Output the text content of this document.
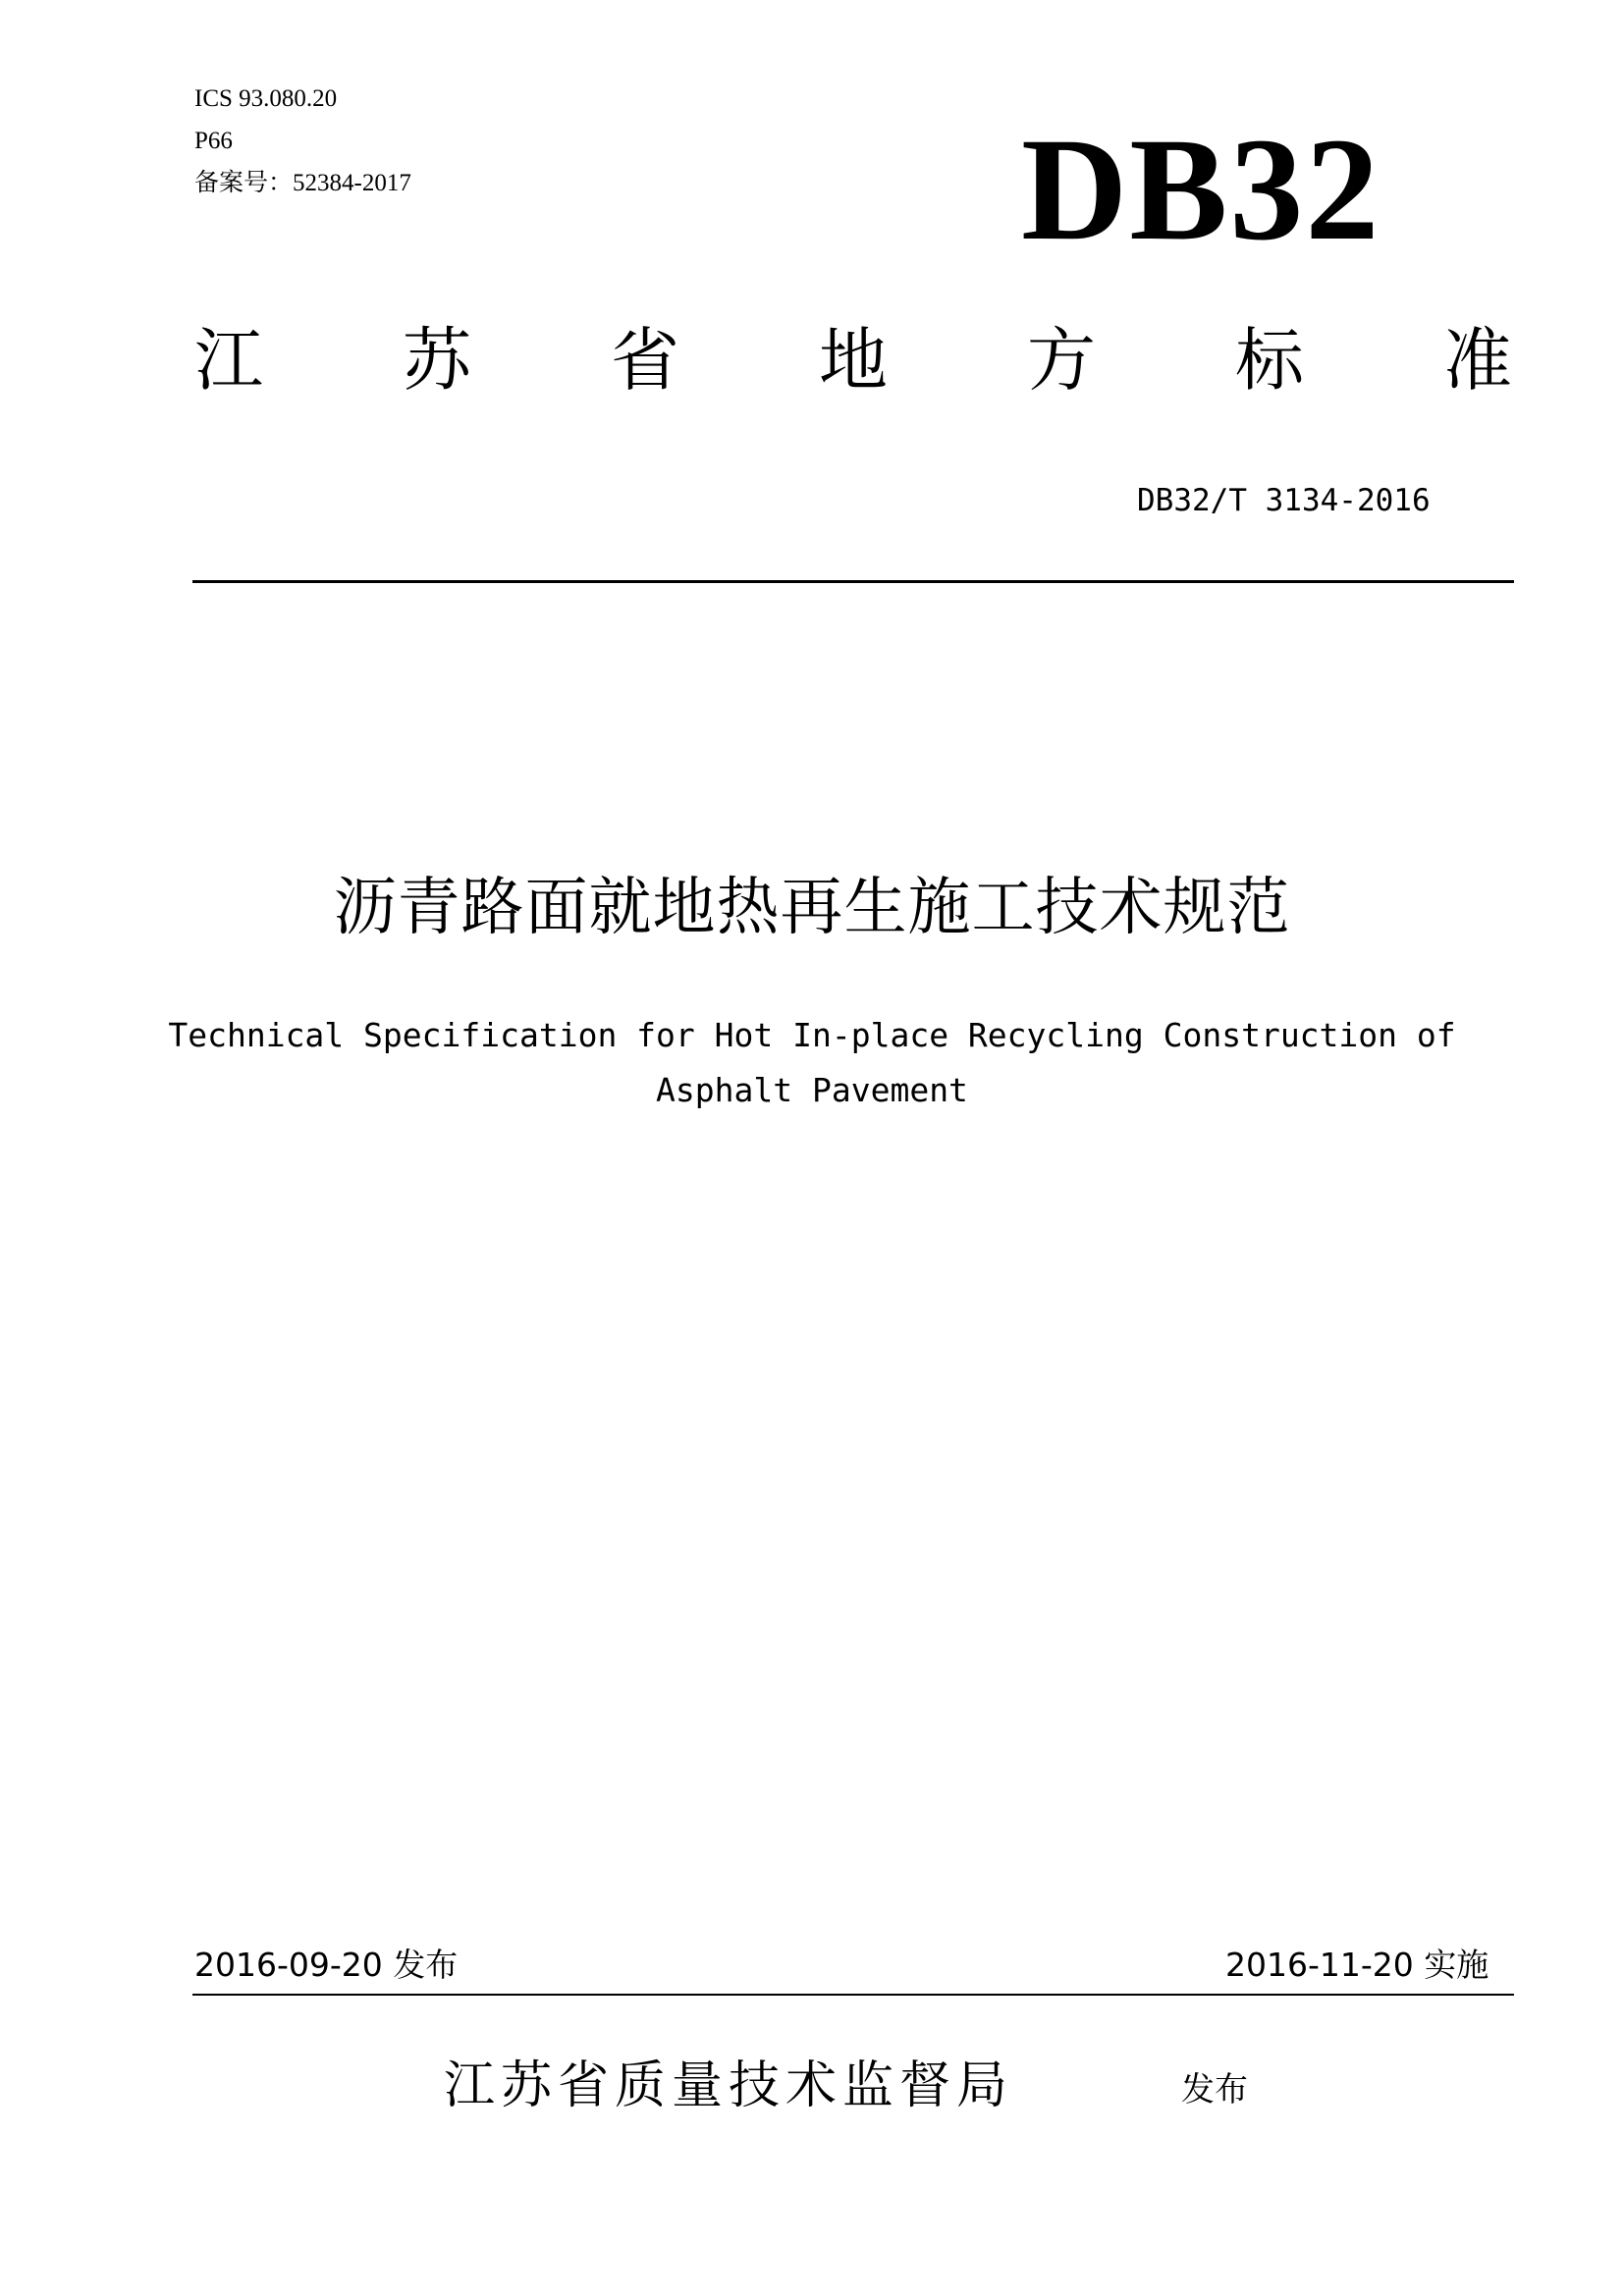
ICS 93.080.20
P66
备案号：52384-2017	DB32
江 苏 省 地 方 标 准
DB32/T 3134-2016
沥青路面就地热再生施工技术规范
Technical Specification for Hot In-place Recycling Construction of Asphalt Pavement
2016-09-20 发布	2016-11-20 实施
江苏省质量技术监督局	发布
